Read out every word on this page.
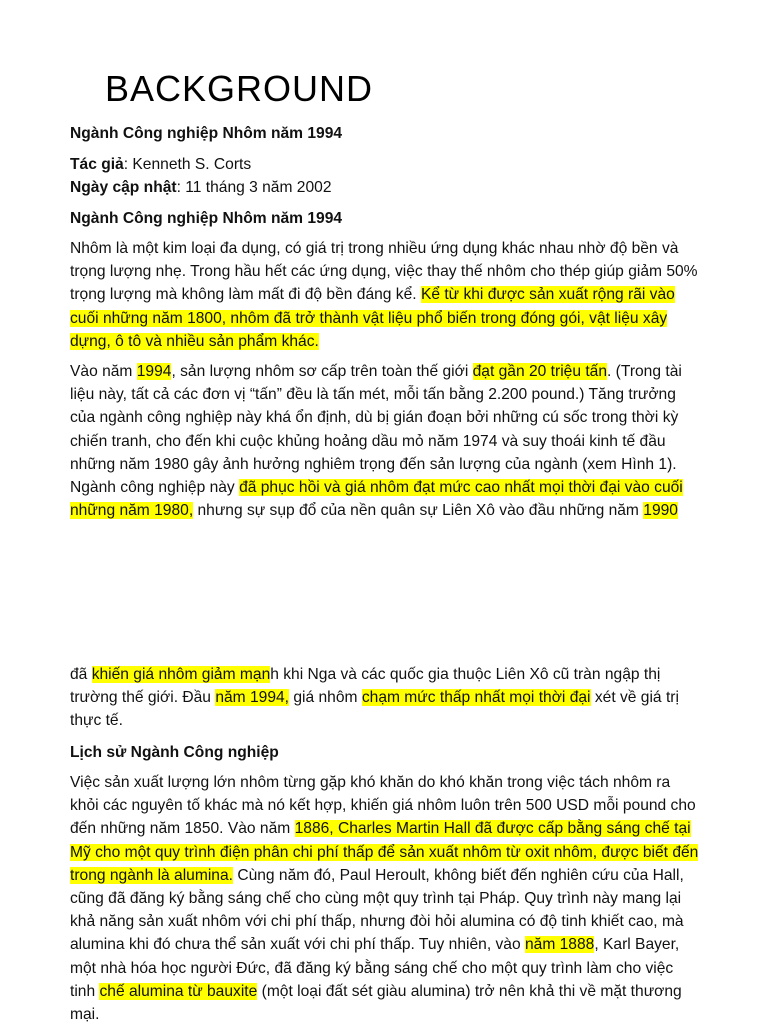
BACKGROUND
Ngành Công nghiệp Nhôm năm 1994

Tác giả: Kenneth S. Corts

Ngày cập nhật: 11 tháng 3 năm 2002

Ngành Công nghiệp Nhôm năm 1994

Nhôm là một kim loại đa dụng, có giá trị trong nhiều ứng dụng khác nhau nhờ độ bền và trọng lượng nhẹ. Trong hầu hết các ứng dụng, việc thay thế nhôm cho thép giúp giảm 50% trọng lượng mà không làm mất đi độ bền đáng kể. Kể từ khi được sản xuất rộng rãi vào cuối những năm 1800, nhôm đã trở thành vật liệu phổ biến trong đóng gói, vật liệu xây dựng, ô tô và nhiều sản phẩm khác.

Vào năm 1994, sản lượng nhôm sơ cấp trên toàn thế giới đạt gần 20 triệu tấn. (Trong tài liệu này, tất cả các đơn vị “tấn” đều là tấn mét, mỗi tấn bằng 2.200 pound.) Tăng trưởng của ngành công nghiệp này khá ổn định, dù bị gián đoạn bởi những cú sốc trong thời kỳ chiến tranh, cho đến khi cuộc khủng hoảng dầu mỏ năm 1974 và suy thoái kinh tế đầu những năm 1980 gây ảnh hưởng nghiêm trọng đến sản lượng của ngành (xem Hình 1). Ngành công nghiệp này đã phục hồi và giá nhôm đạt mức cao nhất mọi thời đại vào cuối những năm 1980, nhưng sự sụp đổ của nền quân sự Liên Xô vào đầu những năm 1990

đã khiến giá nhôm giảm mạnh khi Nga và các quốc gia thuộc Liên Xô cũ tràn ngập thị trường thế giới. Đầu năm 1994, giá nhôm chạm mức thấp nhất mọi thời đại xét về giá trị thực tế.

Lịch sử Ngành Công nghiệp

Việc sản xuất lượng lớn nhôm từng gặp khó khăn do khó khăn trong việc tách nhôm ra khỏi các nguyên tố khác mà nó kết hợp, khiến giá nhôm luôn trên 500 USD mỗi pound cho đến những năm 1850. Vào năm 1886, Charles Martin Hall đã được cấp bằng sáng chế tại Mỹ cho một quy trình điện phân chi phí thấp để sản xuất nhôm từ oxit nhôm, được biết đến trong ngành là alumina. Cùng năm đó, Paul Heroult, không biết đến nghiên cứu của Hall, cũng đã đăng ký bằng sáng chế cho cùng một quy trình tại Pháp. Quy trình này mang lại khả năng sản xuất nhôm với chi phí thấp, nhưng đòi hỏi alumina có độ tinh khiết cao, mà alumina khi đó chưa thể sản xuất với chi phí thấp. Tuy nhiên, vào năm 1888, Karl Bayer, một nhà hóa học người Đức, đã đăng ký bằng sáng chế cho một quy trình làm cho việc tinh chế alumina từ bauxite (một loại đất sét giàu alumina) trở nên khả thi về mặt thương mại.
